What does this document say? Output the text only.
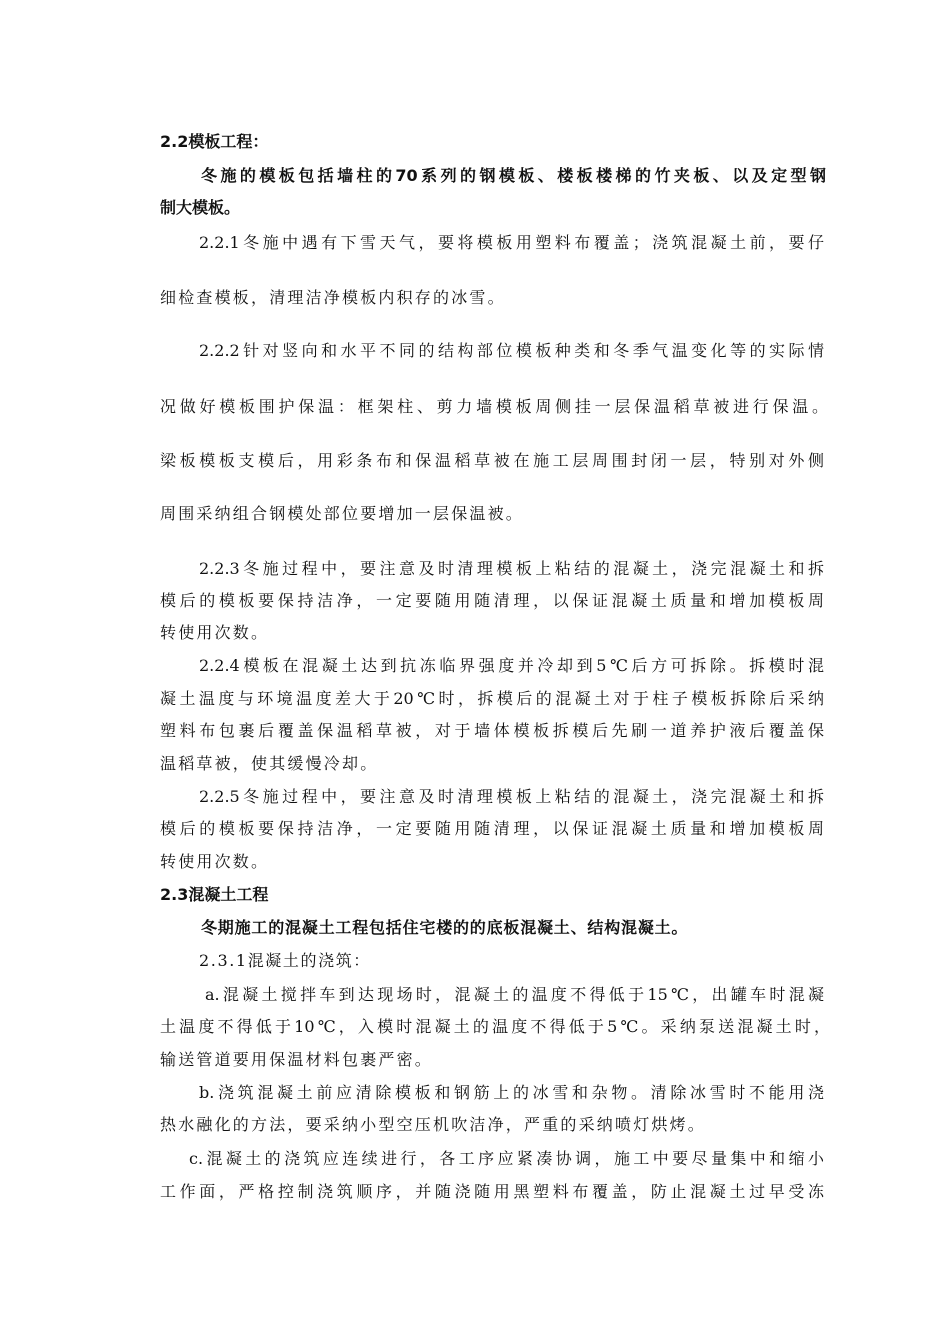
2.2模板工程：
冬施的模板包括墙柱的70系列的钢模板、楼板楼梯的竹夹板、以及定型钢
制大模板。
2.2.1冬施中遇有下雪天气，要将模板用塑料布覆盖；浇筑混凝土前，要仔
细检查模板，清理洁净模板内积存的冰雪。
2.2.2针对竖向和水平不同的结构部位模板种类和冬季气温变化等的实际情
况做好模板围护保温：框架柱、剪力墙模板周侧挂一层保温稻草被进行保温。
梁板模板支模后，用彩条布和保温稻草被在施工层周围封闭一层，特别对外侧
周围采纳组合钢模处部位要增加一层保温被。
2.2.3冬施过程中，要注意及时清理模板上粘结的混凝土，浇完混凝土和拆
模后的模板要保持洁净，一定要随用随清理，以保证混凝土质量和增加模板周
转使用次数。
2.2.4模板在混凝土达到抗冻临界强度并冷却到5℃后方可拆除。拆模时混
凝土温度与环境温度差大于20℃时，拆模后的混凝土对于柱子模板拆除后采纳
塑料布包裹后覆盖保温稻草被，对于墙体模板拆模后先刷一道养护液后覆盖保
温稻草被，使其缓慢冷却。
2.2.5冬施过程中，要注意及时清理模板上粘结的混凝土，浇完混凝土和拆
模后的模板要保持洁净，一定要随用随清理，以保证混凝土质量和增加模板周
转使用次数。
2.3混凝土工程
冬期施工的混凝土工程包括住宅楼的的底板混凝土、结构混凝土。
2.3.1混凝土的浇筑：
a.混凝土搅拌车到达现场时，混凝土的温度不得低于15℃，出罐车时混凝
土温度不得低于10℃，入模时混凝土的温度不得低于5℃。采纳泵送混凝土时，
输送管道要用保温材料包裹严密。
b.浇筑混凝土前应清除模板和钢筋上的冰雪和杂物。清除冰雪时不能用浇
热水融化的方法，要采纳小型空压机吹洁净，严重的采纳喷灯烘烤。
c.混凝土的浇筑应连续进行，各工序应紧凑协调，施工中要尽量集中和缩小
工作面，严格控制浇筑顺序，并随浇随用黑塑料布覆盖，防止混凝土过早受冻
